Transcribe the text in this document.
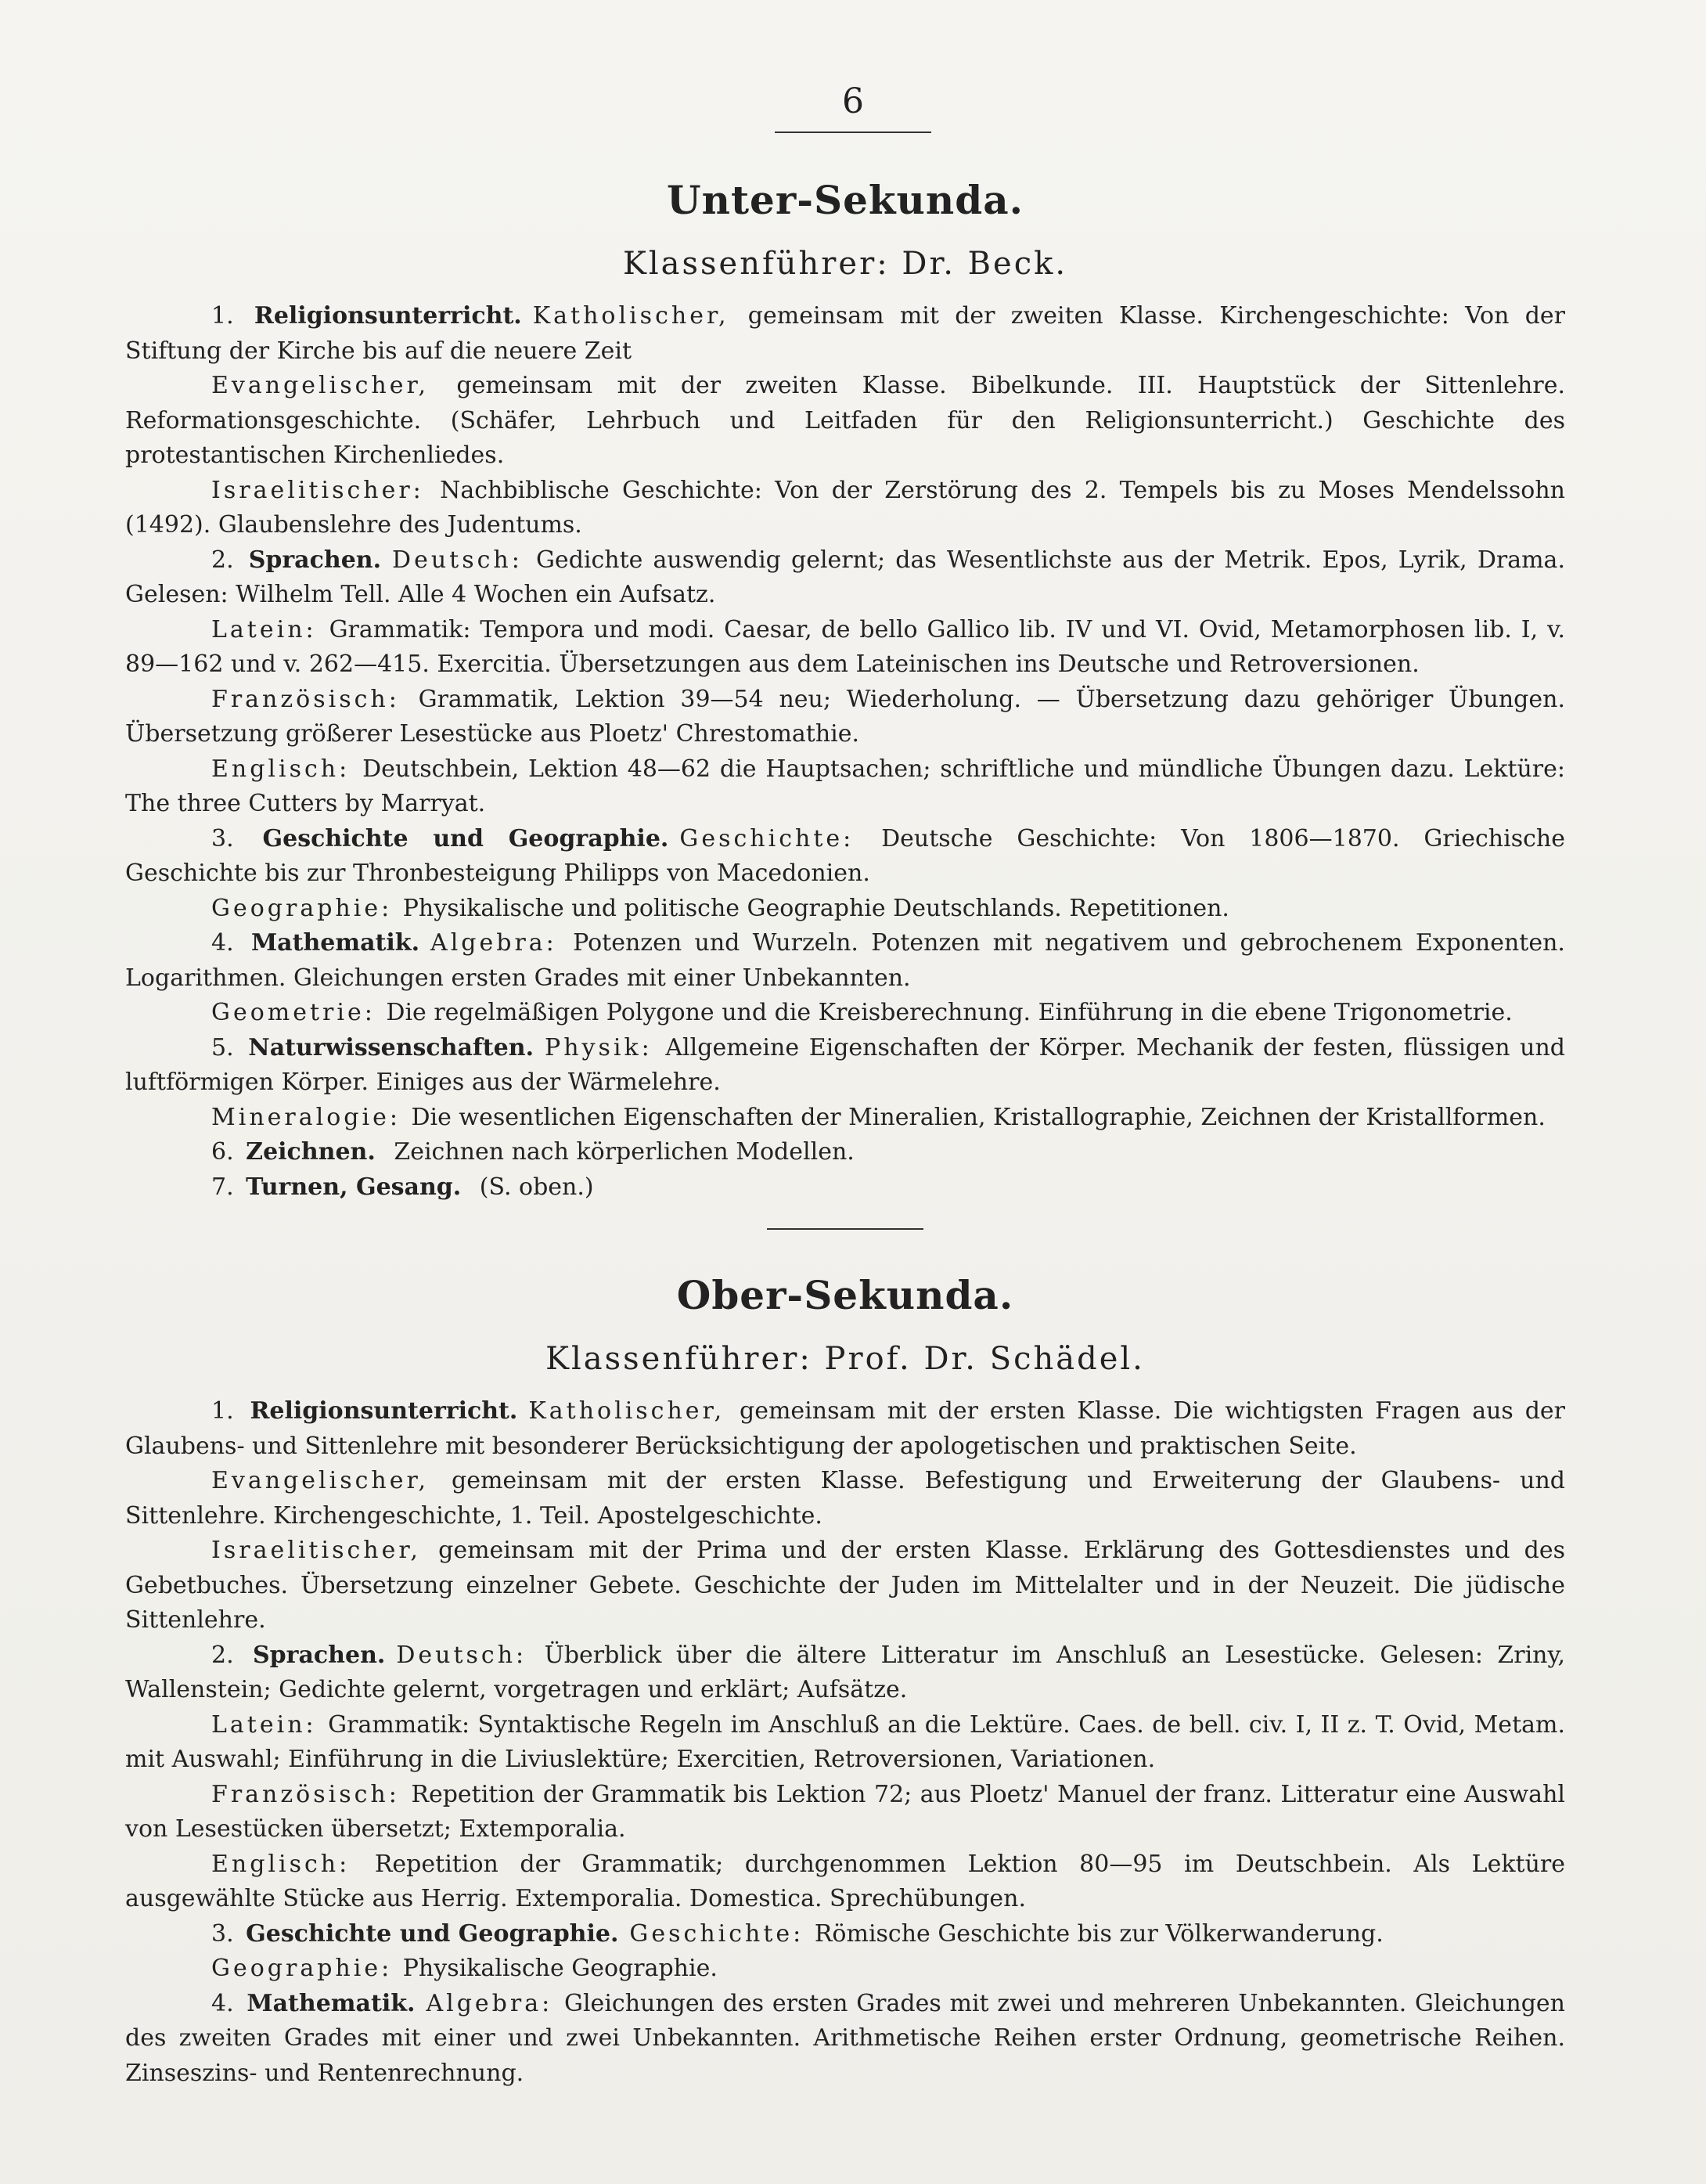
6
Unter-Sekunda.
Klassenführer: Dr. Beck.

1. Religionsunterricht. Katholischer, gemeinsam mit der zweiten Klasse. Kirchengeschichte: Von der Stiftung der Kirche bis auf die neuere Zeit

Evangelischer, gemeinsam mit der zweiten Klasse. Bibelkunde. III. Hauptstück der Sittenlehre. Reformationsgeschichte. (Schäfer, Lehrbuch und Leitfaden für den Religionsunterricht.) Geschichte des protestantischen Kirchenliedes.

Israelitischer: Nachbiblische Geschichte: Von der Zerstörung des 2. Tempels bis zu Moses Mendelssohn (1492). Glaubenslehre des Judentums.

2. Sprachen. Deutsch: Gedichte auswendig gelernt; das Wesentlichste aus der Metrik. Epos, Lyrik, Drama. Gelesen: Wilhelm Tell. Alle 4 Wochen ein Aufsatz.

Latein: Grammatik: Tempora und modi. Caesar, de bello Gallico lib. IV und VI. Ovid, Metamorphosen lib. I, v. 89—162 und v. 262—415. Exercitia. Übersetzungen aus dem Lateinischen ins Deutsche und Retroversionen.

Französisch: Grammatik, Lektion 39—54 neu; Wiederholung. — Übersetzung dazu gehöriger Übungen. Übersetzung größerer Lesestücke aus Ploetz' Chrestomathie.

Englisch: Deutschbein, Lektion 48—62 die Hauptsachen; schriftliche und mündliche Übungen dazu. Lektüre: The three Cutters by Marryat.

3. Geschichte und Geographie. Geschichte: Deutsche Geschichte: Von 1806—1870. Griechische Geschichte bis zur Thronbesteigung Philipps von Macedonien.

Geographie: Physikalische und politische Geographie Deutschlands. Repetitionen.

4. Mathematik. Algebra: Potenzen und Wurzeln. Potenzen mit negativem und gebrochenem Exponenten. Logarithmen. Gleichungen ersten Grades mit einer Unbekannten.

Geometrie: Die regelmäßigen Polygone und die Kreisberechnung. Einführung in die ebene Trigonometrie.

5. Naturwissenschaften. Physik: Allgemeine Eigenschaften der Körper. Mechanik der festen, flüssigen und luftförmigen Körper. Einiges aus der Wärmelehre.

Mineralogie: Die wesentlichen Eigenschaften der Mineralien, Kristallographie, Zeichnen der Kristallformen.

6. Zeichnen. Zeichnen nach körperlichen Modellen.

7. Turnen, Gesang. (S. oben.)

Ober-Sekunda.
Klassenführer: Prof. Dr. Schädel.

1. Religionsunterricht. Katholischer, gemeinsam mit der ersten Klasse. Die wichtigsten Fragen aus der Glaubens- und Sittenlehre mit besonderer Berücksichtigung der apologetischen und praktischen Seite.

Evangelischer, gemeinsam mit der ersten Klasse. Befestigung und Erweiterung der Glaubens- und Sittenlehre. Kirchengeschichte, 1. Teil. Apostelgeschichte.

Israelitischer, gemeinsam mit der Prima und der ersten Klasse. Erklärung des Gottesdienstes und des Gebetbuches. Übersetzung einzelner Gebete. Geschichte der Juden im Mittelalter und in der Neuzeit. Die jüdische Sittenlehre.

2. Sprachen. Deutsch: Überblick über die ältere Litteratur im Anschluß an Lesestücke. Gelesen: Zriny, Wallenstein; Gedichte gelernt, vorgetragen und erklärt; Aufsätze.

Latein: Grammatik: Syntaktische Regeln im Anschluß an die Lektüre. Caes. de bell. civ. I, II z. T. Ovid, Metam. mit Auswahl; Einführung in die Liviuslektüre; Exercitien, Retroversionen, Variationen.

Französisch: Repetition der Grammatik bis Lektion 72; aus Ploetz' Manuel der franz. Litteratur eine Auswahl von Lesestücken übersetzt; Extemporalia.

Englisch: Repetition der Grammatik; durchgenommen Lektion 80—95 im Deutschbein. Als Lektüre ausgewählte Stücke aus Herrig. Extemporalia. Domestica. Sprechübungen.

3. Geschichte und Geographie. Geschichte: Römische Geschichte bis zur Völkerwanderung.

Geographie: Physikalische Geographie.

4. Mathematik. Algebra: Gleichungen des ersten Grades mit zwei und mehreren Unbekannten. Gleichungen des zweiten Grades mit einer und zwei Unbekannten. Arithmetische Reihen erster Ordnung, geometrische Reihen. Zinseszins- und Rentenrechnung.
